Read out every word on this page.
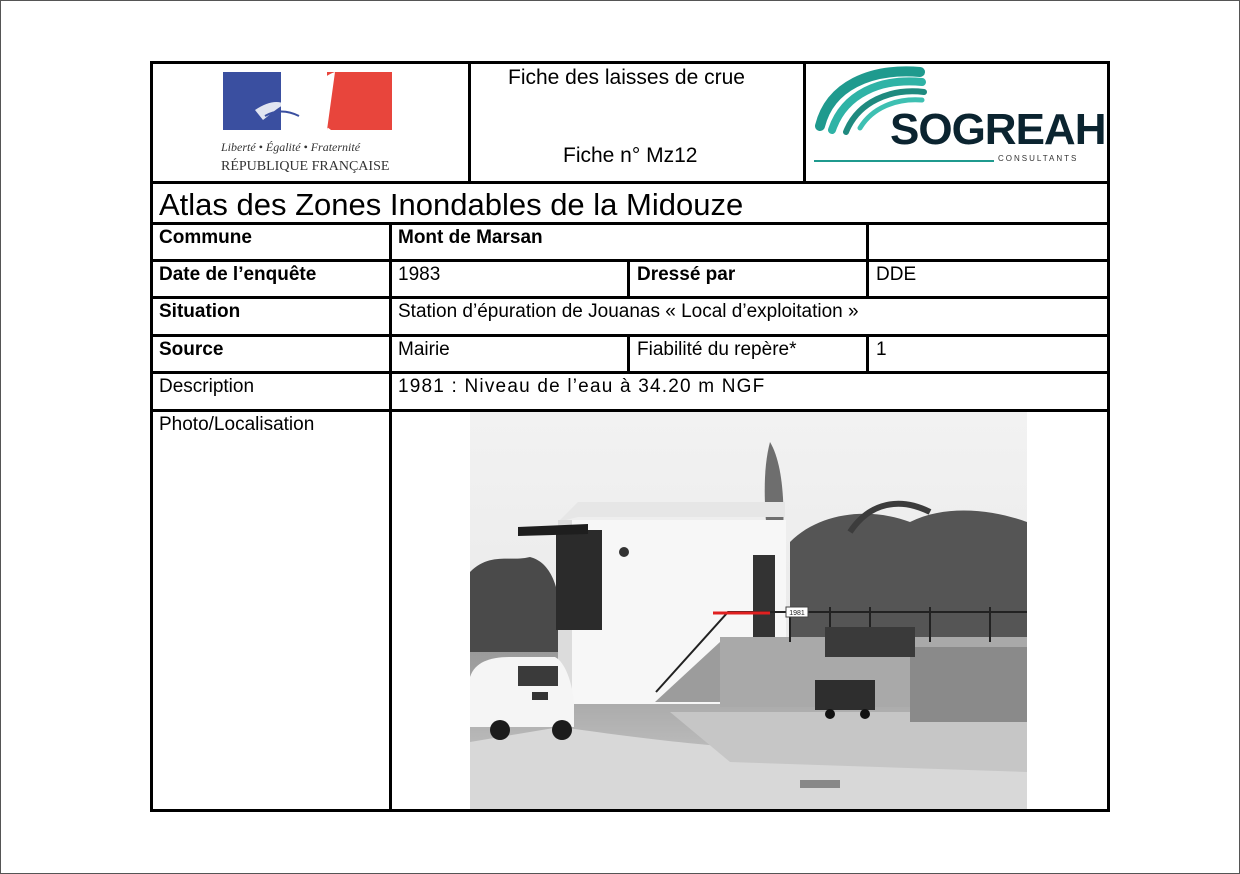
Liberté • Égalité • Fraternité
RÉPUBLIQUE FRANÇAISE
Fiche des laisses de crue
Fiche n° Mz12
SOGREAH
CONSULTANTS
Atlas des Zones Inondables de la Midouze
Commune	Mont de Marsan
Date de l’enquête	1983	Dressé par	DDE
Situation	Station d’épuration de Jouanas « Local d’exploitation »
Source	Mairie	Fiabilité du repère*	1
Description	1981 : Niveau de l’eau à 34.20 m NGF
Photo/Localisation
1981
